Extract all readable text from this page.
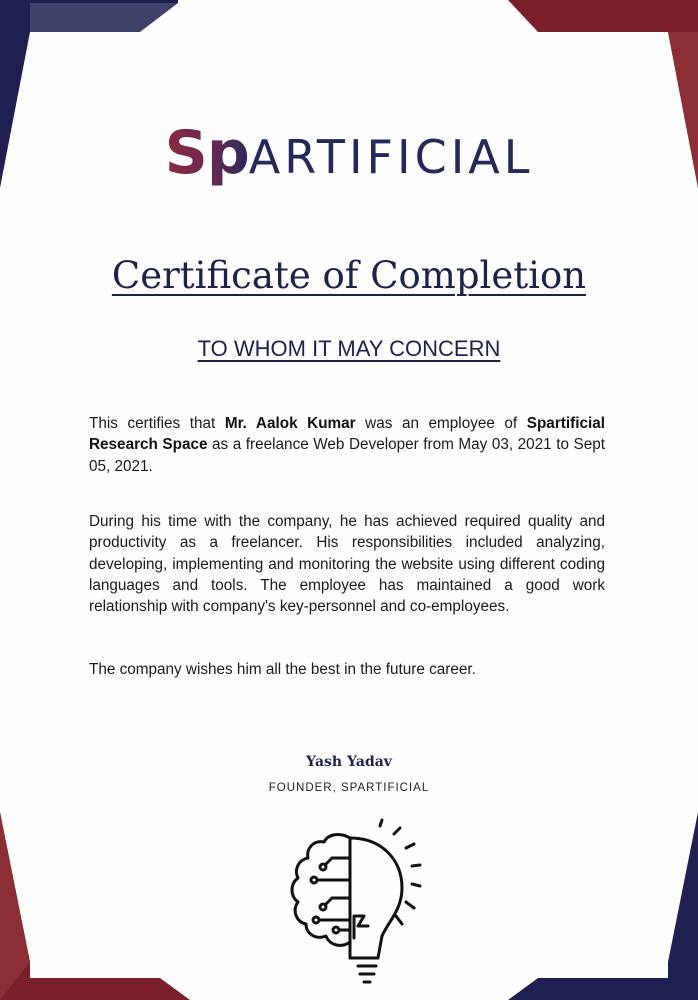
SpARTIFICIAL
Certificate of Completion
TO WHOM IT MAY CONCERN

This certifies that Mr. Aalok Kumar was an employee of Spartificial Research Space as a freelance Web Developer from May 03, 2021 to Sept 05, 2021.

During his time with the company, he has achieved required quality and productivity as a freelancer. His responsibilities included analyzing, developing, implementing and monitoring the website using different coding languages and tools. The employee has maintained a good work relationship with company's key-personnel and co-employees.

The company wishes him all the best in the future career.

Yash Yadav
FOUNDER, SPARTIFICIAL
